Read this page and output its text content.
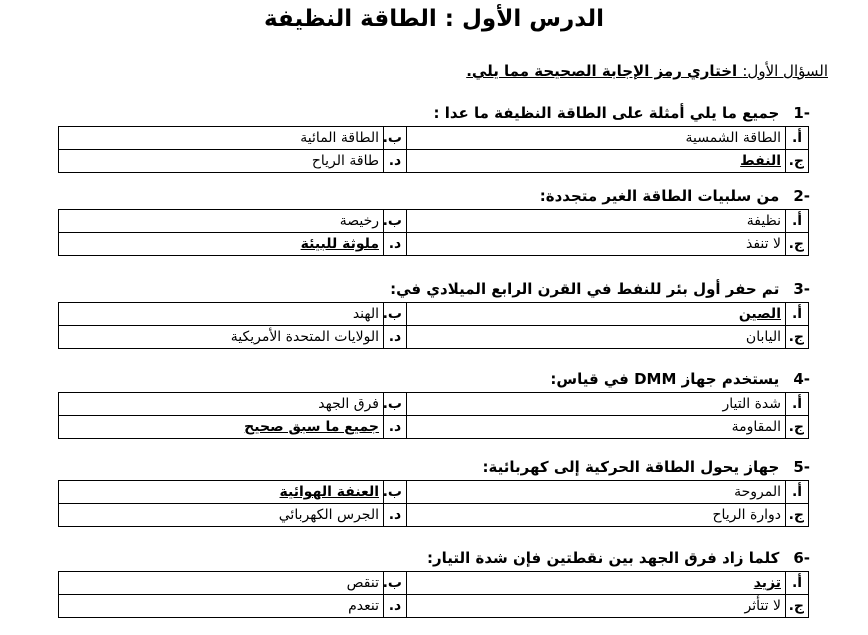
الدرس الأول : الطاقة النظيفة
السؤال الأول: اختاري رمز الإجابة الصحيحة مما يلي.
-1جميع ما يلي أمثلة على الطاقة النظيفة ما عدا :
أ.	الطاقة الشمسية	ب.	الطاقة المائية
ج.	النفط	د.	طاقة الرياح
-2من سلبيات الطاقة الغير متجددة:
أ.	نظيفة	ب.	رخيصة
ج.	لا تنفذ	د.	ملوثة للبيئة
-3تم حفر أول بئر للنفط في القرن الرابع الميلادي في:
أ.	الصين	ب.	الهند
ج.	اليابان	د.	الولايات المتحدة الأمريكية
-4يستخدم جهاز DMM في قياس:
أ.	شدة التيار	ب.	فرق الجهد
ج.	المقاومة	د.	جميع ما سبق صحيح
-5جهاز يحول الطاقة الحركية إلى كهربائية:
أ.	المروحة	ب.	العنفة الهوائية
ج.	دوارة الرياح	د.	الجرس الكهربائي
-6كلما زاد فرق الجهد بين نقطتين فإن شدة التيار:
أ.	تزيد	ب.	تنقص
ج.	لا تتأثر	د.	تنعدم
